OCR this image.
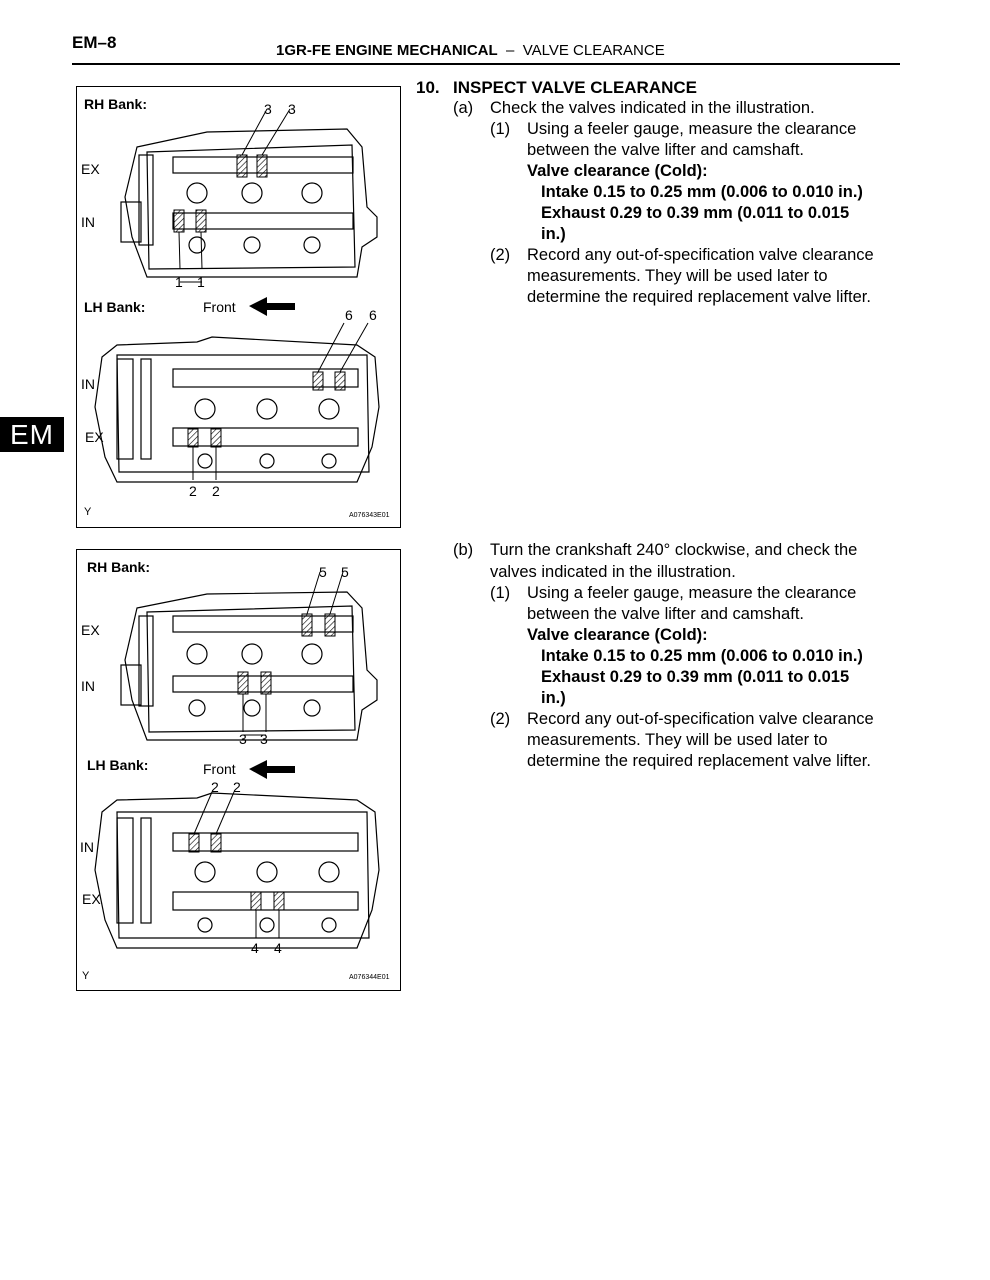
EM–8	1GR-FE ENGINE MECHANICAL – VALVE CLEARANCE
EM
RH Bank:	3 3
EX
IN
1 1
LH Bank:	Front	6 6
IN
EX
2 2
Y	A076343E01
RH Bank:	5 5
EX
IN
3 3
LH Bank:	Front
2 2
IN
EX
4 4
Y	A076344E01
10. INSPECT VALVE CLEARANCE
(a) Check the valves indicated in the illustration.
(1) Using a feeler gauge, measure the clearance
between the valve lifter and camshaft.
Valve clearance (Cold):
Intake 0.15 to 0.25 mm (0.006 to 0.010 in.)
Exhaust 0.29 to 0.39 mm (0.011 to 0.015
in.)
(2) Record any out-of-specification valve clearance
measurements. They will be used later to
determine the required replacement valve lifter.
(b) Turn the crankshaft 240° clockwise, and check the
valves indicated in the illustration.
(1) Using a feeler gauge, measure the clearance
between the valve lifter and camshaft.
Valve clearance (Cold):
Intake 0.15 to 0.25 mm (0.006 to 0.010 in.)
Exhaust 0.29 to 0.39 mm (0.011 to 0.015
in.)
(2) Record any out-of-specification valve clearance
measurements. They will be used later to
determine the required replacement valve lifter.
